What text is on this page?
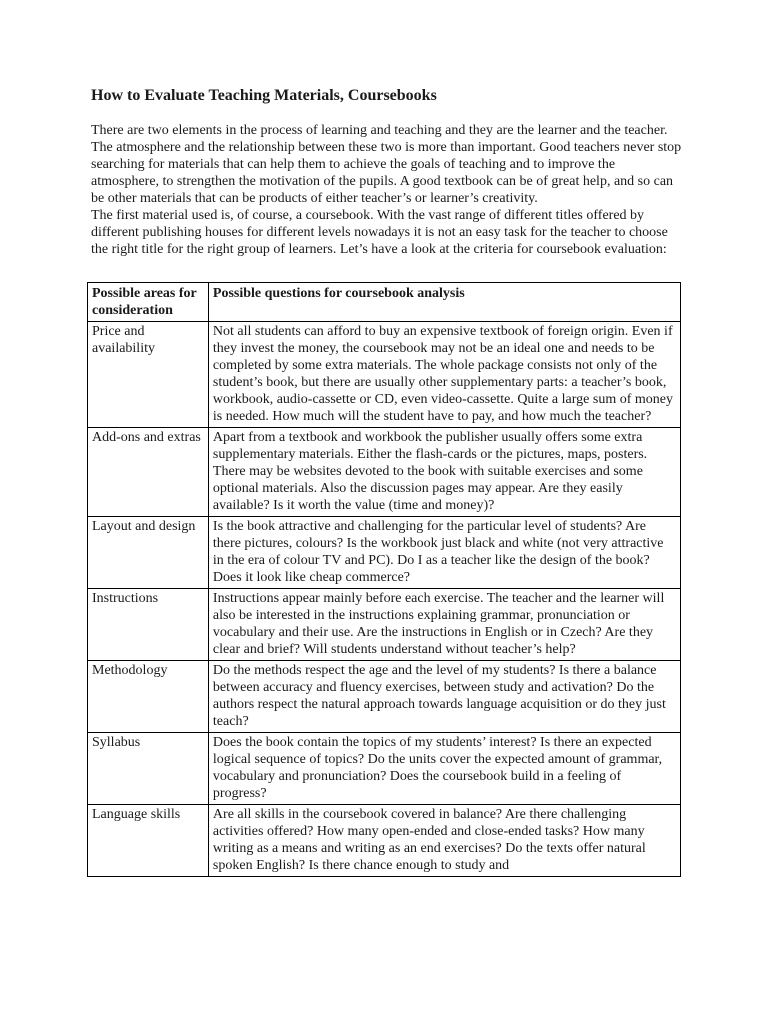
How to Evaluate Teaching Materials, Coursebooks

There are two elements in the process of learning and teaching and they are the learner and the teacher. The atmosphere and the relationship between these two is more than important. Good teachers never stop searching for materials that can help them to achieve the goals of teaching and to improve the atmosphere, to strengthen the motivation of the pupils. A good textbook can be of great help, and so can be other materials that can be products of either teacher’s or learner’s creativity.

The first material used is, of course, a coursebook. With the vast range of different titles offered by different publishing houses for different levels nowadays it is not an easy task for the teacher to choose the right title for the right group of learners. Let’s have a look at the criteria for coursebook evaluation:

Possible areas for consideration	Possible questions for coursebook analysis
Price and availability	Not all students can afford to buy an expensive textbook of foreign origin. Even if they invest the money, the coursebook may not be an ideal one and needs to be completed by some extra materials. The whole package consists not only of the student’s book, but there are usually other supplementary parts: a teacher’s book, workbook, audio-cassette or CD, even video-cassette. Quite a large sum of money is needed. How much will the student have to pay, and how much the teacher?
Add-ons and extras	Apart from a textbook and workbook the publisher usually offers some extra supplementary materials. Either the flash-cards or the pictures, maps, posters. There may be websites devoted to the book with suitable exercises and some optional materials. Also the discussion pages may appear. Are they easily available? Is it worth the value (time and money)?
Layout and design	Is the book attractive and challenging for the particular level of students? Are there pictures, colours? Is the workbook just black and white (not very attractive in the era of colour TV and PC). Do I as a teacher like the design of the book? Does it look like cheap commerce?
Instructions	Instructions appear mainly before each exercise. The teacher and the learner will also be interested in the instructions explaining grammar, pronunciation or vocabulary and their use. Are the instructions in English or in Czech? Are they clear and brief? Will students understand without teacher’s help?
Methodology	Do the methods respect the age and the level of my students? Is there a balance between accuracy and fluency exercises, between study and activation? Do the authors respect the natural approach towards language acquisition or do they just teach?
Syllabus	Does the book contain the topics of my students’ interest? Is there an expected logical sequence of topics? Do the units cover the expected amount of grammar, vocabulary and pronunciation? Does the coursebook build in a feeling of progress?
Language skills	Are all skills in the coursebook covered in balance? Are there challenging activities offered? How many open-ended and close-ended tasks? How many writing as a means and writing as an end exercises? Do the texts offer natural spoken English? Is there chance enough to study and
